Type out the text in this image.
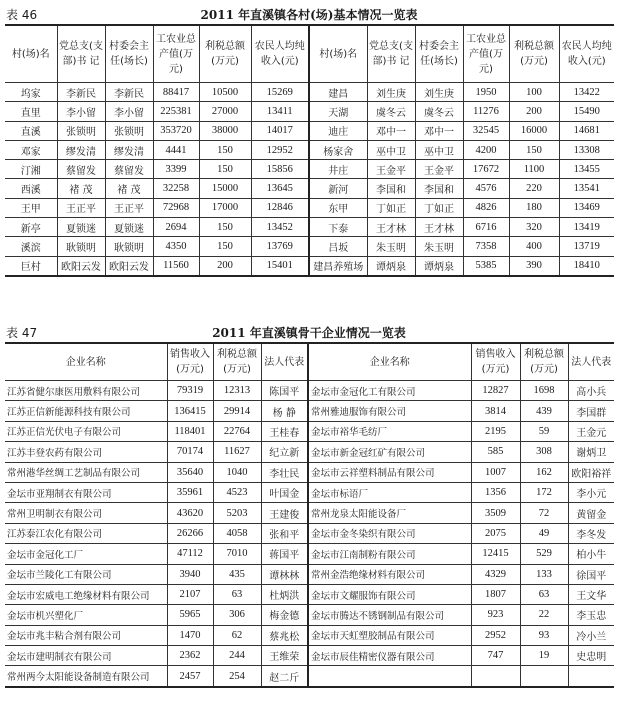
表 46	2011 年直溪镇各村(场)基本情况一览表
村(场)名	党总支(支部)书 记	村委会主 任(场长)	工农业总产值(万元)	利税总额(万元)	农民人均纯收入(元)	村(场)名	党总支(支部)书 记	村委会主 任(场长)	工农业总产值(万元)	利税总额(万元)	农民人均纯收入(元)
坞家	李新民	李新民	88417	10500	15269	建昌	刘生庚	刘生庚	1950	100	13422
直里	李小留	李小留	225381	27000	13411	天湖	虞冬云	虞冬云	11276	200	15490
直溪	张锁明	张锁明	353720	38000	14017	迪庄	邓中一	邓中一	32545	16000	14681
邓家	缪发清	缪发清	4441	150	12952	杨家舍	巫中卫	巫中卫	4200	150	13308
汀湘	蔡留发	蔡留发	3399	150	15856	井庄	王金平	王金平	17672	1100	13455
西溪	褚 茂	褚 茂	32258	15000	13645	新河	李国和	李国和	4576	220	13541
王甲	王正平	王正平	72968	17000	12846	东甲	丁如正	丁如正	4826	180	13469
新亭	夏锁迷	夏锁迷	2694	150	13452	下泰	王才林	王才林	6716	320	13419
溪滨	耿锁明	耿锁明	4350	150	13769	吕坂	朱玉明	朱玉明	7358	400	13719
巨村	欧阳云发	欧阳云发	11560	200	15401	建昌养殖场	谭炳泉	谭炳泉	5385	390	18410
表 47	2011 年直溪镇骨干企业情况一览表
企业名称	销售收入(万元)	利税总额(万元)	法人代表	企业名称	销售收入(万元)	利税总额(万元)	法人代表
江苏省健尔康医用敷料有限公司	79319	12313	陈国平	金坛市金冠化工有限公司	12827	1698	高小兵
江苏正信新能源科技有限公司	136415	29914	杨 静	常州雅迪服饰有限公司	3814	439	李国群
江苏正信光伏电子有限公司	118401	22764	王桂春	金坛市裕华毛纺厂	2195	59	王金元
江苏丰登农药有限公司	70174	11627	纪立新	金坛市新金冠红矿有限公司	585	308	谢炳卫
常州港华丝绸工艺制品有限公司	35640	1040	李壮民	金坛市云祥塑料制品有限公司	1007	162	欧阳裕祥
金坛市亚翔制衣有限公司	35961	4523	叶国金	金坛市标语厂	1356	172	李小元
常州卫明制衣有限公司	43620	5203	王建俊	常州龙泉太阳能设备厂	3509	72	黄留金
江苏泰江农化有限公司	26266	4058	张和平	金坛市金冬染织有限公司	2075	49	李冬发
金坛市金冠化工厂	47112	7010	蒋国平	金坛市江南制粉有限公司	12415	529	柏小牛
金坛市兰陵化工有限公司	3940	435	谭林林	常州金浩绝缘材料有限公司	4329	133	徐国平
金坛市宏威电工绝缘材料有限公司	2107	63	杜炳洪	金坛市文耀服饰有限公司	1807	63	王文华
金坛市机兴塑化厂	5965	306	梅金德	金坛市腾达不锈钢制品有限公司	923	22	李玉忠
金坛市兆丰粘合剂有限公司	1470	62	蔡兆松	金坛市天虹塑胶制品有限公司	2952	93	冷小兰
金坛市建明制衣有限公司	2362	244	王维荣	金坛市辰佳精密仪器有限公司	747	19	史忠明
常州两今太阳能设备制造有限公司	2457	254	赵二斤				
